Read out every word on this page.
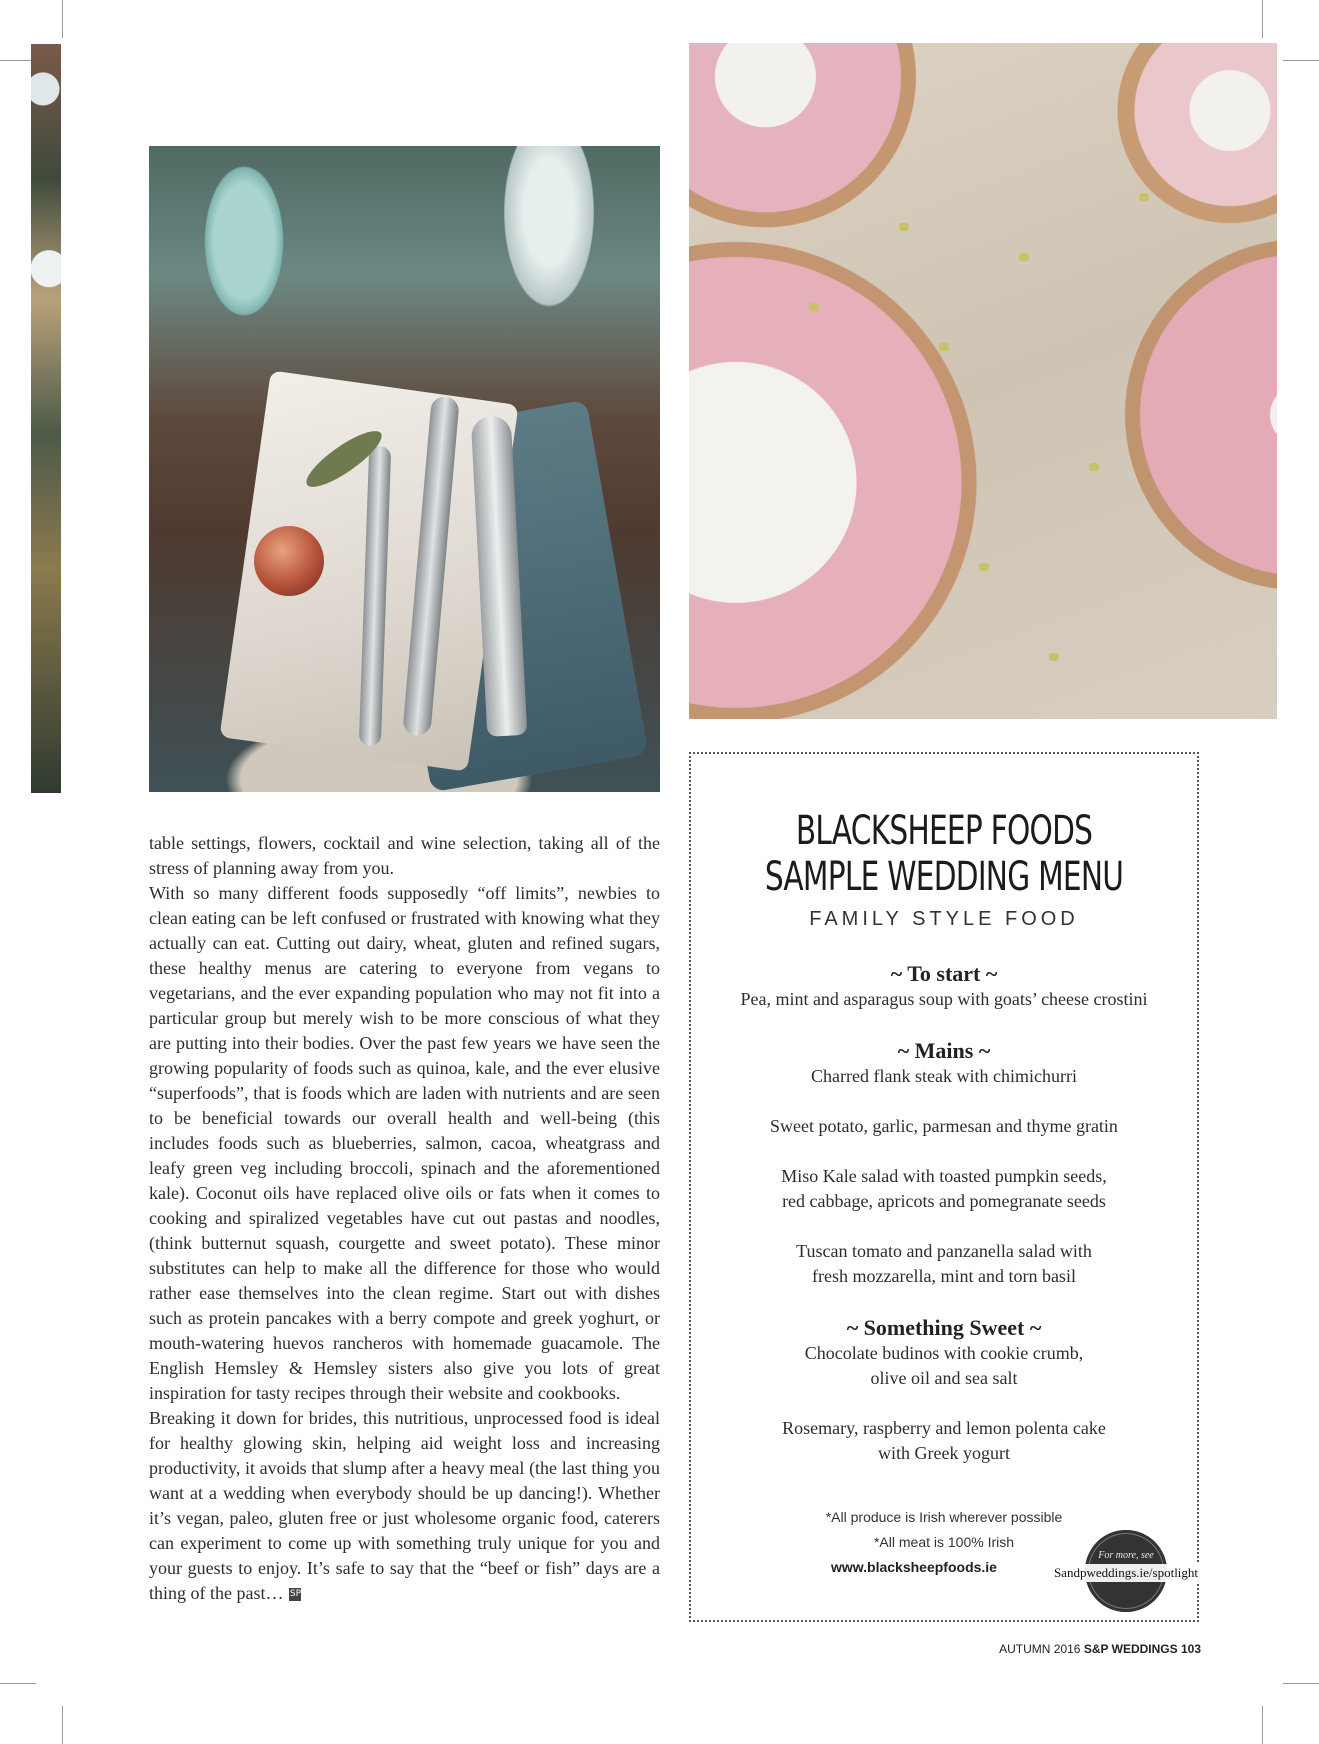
table settings, flowers, cocktail and wine selection, taking all of the stress of planning away from you.

With so many different foods supposedly “off limits”, newbies to clean eating can be left confused or frustrated with knowing what they actually can eat. Cutting out dairy, wheat, gluten and refined sugars, these healthy menus are catering to everyone from vegans to vegetarians, and the ever expanding population who may not fit into a particular group but merely wish to be more conscious of what they are putting into their bodies. Over the past few years we have seen the growing popularity of foods such as quinoa, kale, and the ever elusive “superfoods”, that is foods which are laden with nutrients and are seen to be beneficial towards our overall health and well-being (this includes foods such as blueberries, salmon, cacoa, wheatgrass and leafy green veg including broccoli, spinach and the aforementioned kale). Coconut oils have replaced olive oils or fats when it comes to cooking and spiralized vegetables have cut out pastas and noodles, (think butternut squash, courgette and sweet potato). These minor substitutes can help to make all the difference for those who would rather ease themselves into the clean regime. Start out with dishes such as protein pancakes with a berry compote and greek yoghurt, or mouth-watering huevos rancheros with homemade guacamole. The English Hemsley & Hemsley sisters also give you lots of great inspiration for tasty recipes through their website and cookbooks.

Breaking it down for brides, this nutritious, unprocessed food is ideal for healthy glowing skin, helping aid weight loss and increasing productivity, it avoids that slump after a heavy meal (the last thing you want at a wedding when everybody should be up dancing!). Whether it’s vegan, paleo, gluten free or just wholesome organic food, caterers can experiment to come up with something truly unique for you and your guests to enjoy. It’s safe to say that the “beef or fish” days are a thing of the past… SP

BLACKSHEEP FOODS
SAMPLE WEDDING MENU
FAMILY STYLE FOOD
~ To start ~
Pea, mint and asparagus soup with goats’ cheese crostini
~ Mains ~
Charred flank steak with chimichurri
Sweet potato, garlic, parmesan and thyme gratin
Miso Kale salad with toasted pumpkin seeds,
red cabbage, apricots and pomegranate seeds
Tuscan tomato and panzanella salad with
fresh mozzarella, mint and torn basil
~ Something Sweet ~
Chocolate budinos with cookie crumb,
olive oil and sea salt
Rosemary, raspberry and lemon polenta cake
with Greek yogurt
*All produce is Irish wherever possible
*All meat is 100% Irish
www.blacksheepfoods.ie
For more, see
Sandpweddings.ie/spotlight
AUTUMN 2016 S&P WEDDINGS 103
